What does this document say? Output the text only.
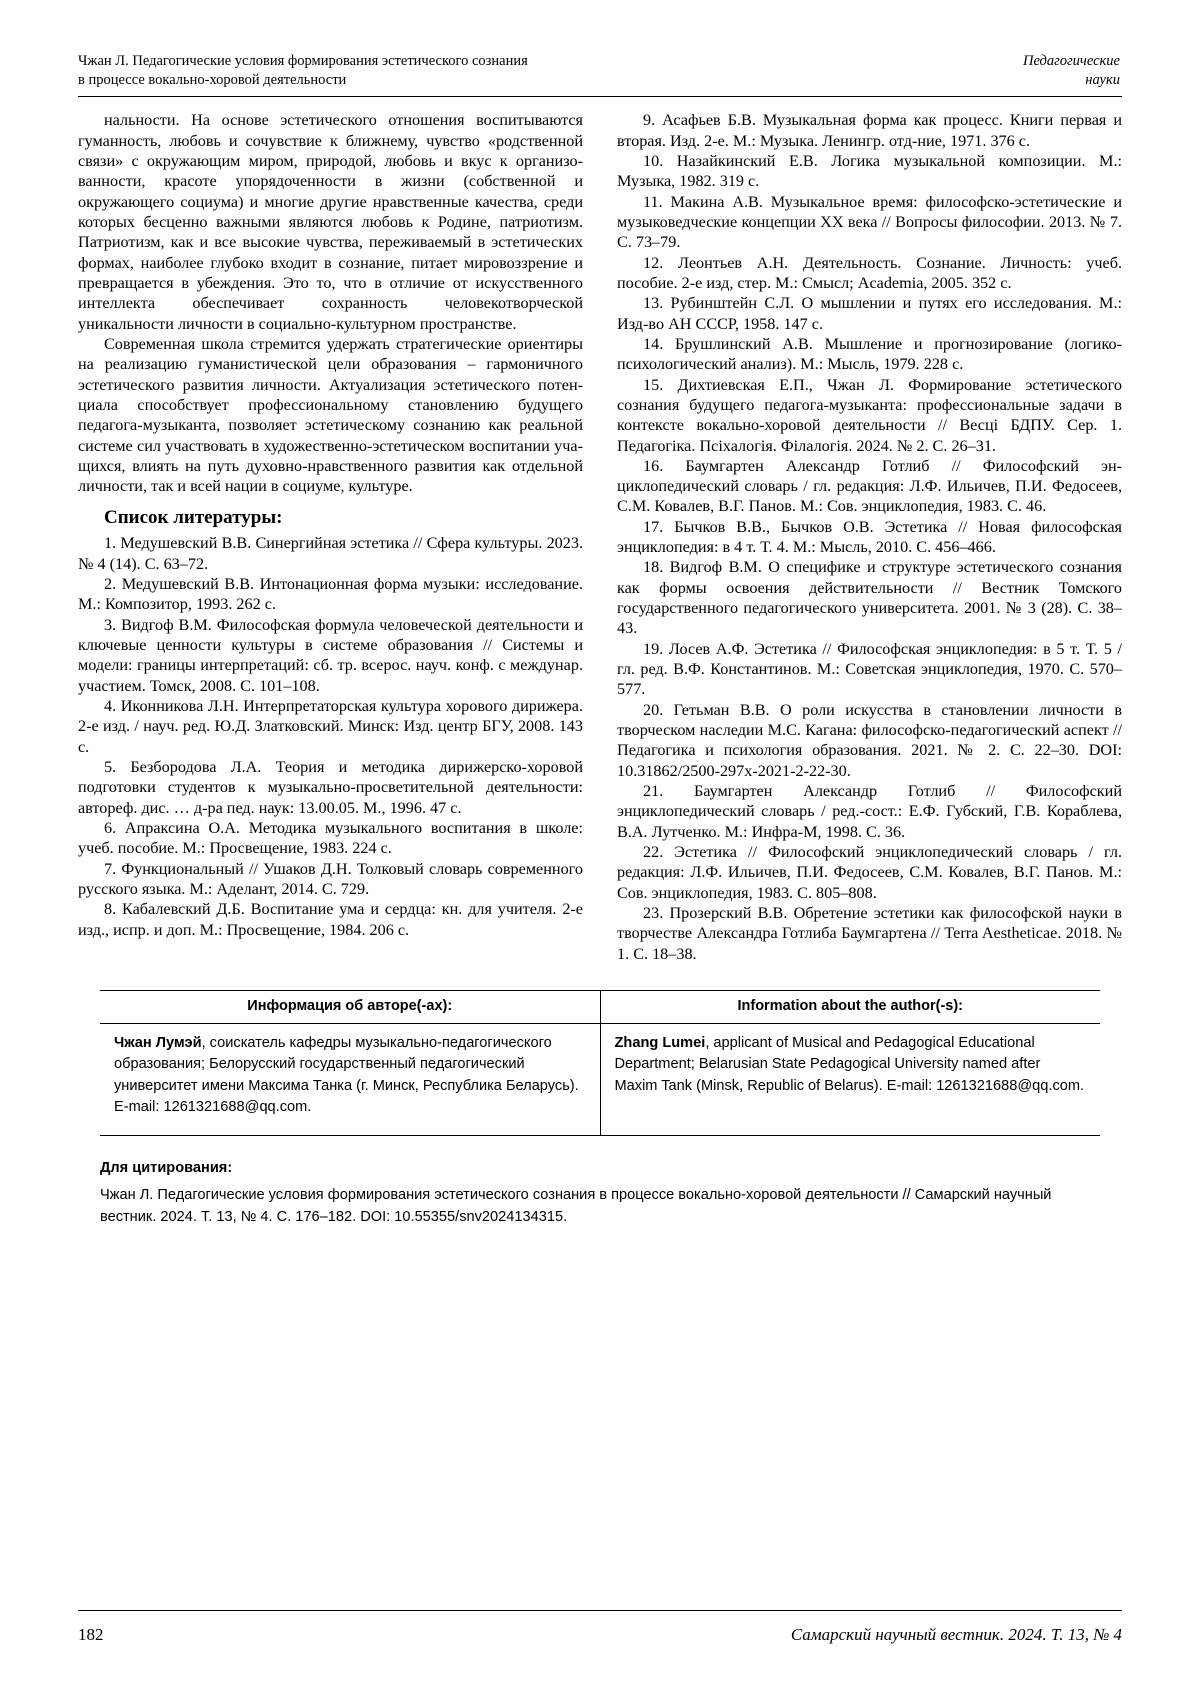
Чжан Л. Педагогические условия формирования эстетического сознания
в процессе вокально-хоровой деятельности
Педагогические
науки

нальности. На основе эстетического отношения воспитываются гуманность, любовь и сочувствие к ближнему, чувство «родственной связи» с окружающим миром, природой, любовь и вкус к организованности, красоте упорядоченности в жизни (собственной и окружающего социума) и многие другие нравственные качества, среди которых бесценно важными являются любовь к Родине, патриотизм. Патриотизм, как и все высокие чувства, переживаемый в эстетических формах, наиболее глубоко входит в сознание, питает мировоззрение и превращается в убеждения. Это то, что в отличие от искусственного интеллекта обеспечивает сохранность человекотворческой уникальности личности в социально-культурном пространстве.

Современная школа стремится удержать стратегические ориентиры на реализацию гуманистической цели образования – гармоничного эстетического развития личности. Актуализация эстетического потенциала способствует профессиональному становлению будущего педагога-музыканта, позволяет эстетическому сознанию как реальной системе сил участвовать в художественно-эстетическом воспитании учащихся, влиять на путь духовно-нравственного развития как отдельной личности, так и всей нации в социуме, культуре.

Список литературы:

1. Медушевский В.В. Синергийная эстетика // Сфера культуры. 2023. № 4 (14). С. 63–72.

2. Медушевский В.В. Интонационная форма музыки: исследование. М.: Композитор, 1993. 262 с.

3. Видгоф В.М. Философская формула человеческой деятельности и ключевые ценности культуры в системе образования // Системы и модели: границы интерпретаций: сб. тр. всерос. науч. конф. с междунар. участием. Томск, 2008. С. 101–108.

4. Иконникова Л.Н. Интерпретаторская культура хорового дирижера. 2-е изд. / науч. ред. Ю.Д. Златковский. Минск: Изд. центр БГУ, 2008. 143 с.

5. Безбородова Л.А. Теория и методика дирижерско-хоровой подготовки студентов к музыкально-просветительной деятельности: автореф. дис. … д-ра пед. наук: 13.00.05. М., 1996. 47 с.

6. Апраксина О.А. Методика музыкального воспитания в школе: учеб. пособие. М.: Просвещение, 1983. 224 с.

7. Функциональный // Ушаков Д.Н. Толковый словарь современного русского языка. М.: Аделант, 2014. С. 729.

8. Кабалевский Д.Б. Воспитание ума и сердца: кн. для учителя. 2-е изд., испр. и доп. М.: Просвещение, 1984. 206 с.

9. Асафьев Б.В. Музыкальная форма как процесс. Книги первая и вторая. Изд. 2-е. М.: Музыка. Ленингр. отд-ние, 1971. 376 с.

10. Назайкинский Е.В. Логика музыкальной композиции. М.: Музыка, 1982. 319 с.

11. Макина А.В. Музыкальное время: философско-эстетические и музыковедческие концепции XX века // Вопросы философии. 2013. № 7. С. 73–79.

12. Леонтьев А.Н. Деятельность. Сознание. Личность: учеб. пособие. 2-е изд, стер. М.: Смысл; Academia, 2005. 352 с.

13. Рубинштейн С.Л. О мышлении и путях его исследования. М.: Изд-во АН СССР, 1958. 147 с.

14. Брушлинский А.В. Мышление и прогнозирование (логико-психологический анализ). М.: Мысль, 1979. 228 с.

15. Дихтиевская Е.П., Чжан Л. Формирование эстетического сознания будущего педагога-музыканта: профессиональные задачи в контексте вокально-хоровой деятельности // Весці БДПУ. Сер. 1. Педагогіка. Псіхалогія. Філалогія. 2024. № 2. С. 26–31.

16. Баумгартен Александр Готлиб // Философский энциклопедический словарь / гл. редакция: Л.Ф. Ильичев, П.И. Федосеев, С.М. Ковалев, В.Г. Панов. М.: Сов. энциклопедия, 1983. С. 46.

17. Бычков В.В., Бычков О.В. Эстетика // Новая философская энциклопедия: в 4 т. Т. 4. М.: Мысль, 2010. С. 456–466.

18. Видгоф В.М. О специфике и структуре эстетического сознания как формы освоения действительности // Вестник Томского государственного педагогического университета. 2001. № 3 (28). С. 38–43.

19. Лосев А.Ф. Эстетика // Философская энциклопедия: в 5 т. Т. 5 / гл. ред. В.Ф. Константинов. М.: Советская энциклопедия, 1970. С. 570–577.

20. Гетьман В.В. О роли искусства в становлении личности в творческом наследии М.С. Кагана: философско-педагогический аспект // Педагогика и психология образования. 2021. № 2. С. 22–30. DOI: 10.31862/2500-297х-2021-2-22-30.

21. Баумгартен Александр Готлиб // Философский энциклопедический словарь / ред.-сост.: Е.Ф. Губский, Г.В. Кораблева, В.А. Лутченко. М.: Инфра-М, 1998. С. 36.

22. Эстетика // Философский энциклопедический словарь / гл. редакция: Л.Ф. Ильичев, П.И. Федосеев, С.М. Ковалев, В.Г. Панов. М.: Сов. энциклопедия, 1983. С. 805–808.

23. Прозерский В.В. Обретение эстетики как философской науки в творчестве Александра Готлиба Баумгартена // Terra Aestheticae. 2018. № 1. С. 18–38.

Информация об авторе(-ах):	Information about the author(-s):
Чжан Лумэй, соискатель кафедры музыкально-педагогического образования; Белорусский государственный педагогический университет имени Максима Танка (г. Минск, Республика Беларусь). E-mail: 1261321688@qq.com.	Zhang Lumei, applicant of Musical and Pedagogical Educational Department; Belarusian State Pedagogical University named after Maxim Tank (Minsk, Republic of Belarus). E-mail: 1261321688@qq.com.
Для цитирования:
Чжан Л. Педагогические условия формирования эстетического сознания в процессе вокально-хоровой деятельности // Самарский научный вестник. 2024. Т. 13, № 4. С. 176–182. DOI: 10.55355/snv2024134315.
182	Самарский научный вестник. 2024. Т. 13, № 4
